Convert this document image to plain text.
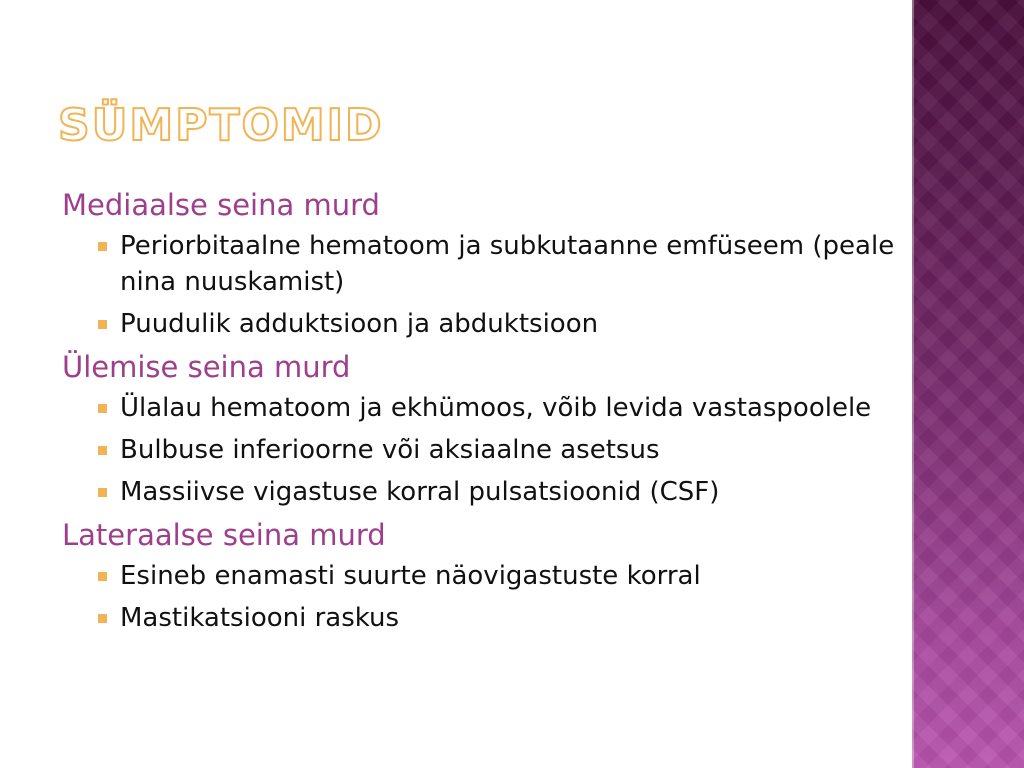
SÜMPTOMID
Mediaalse seina murd
Periorbitaalne hematoom ja subkutaanne emfüseem (peale nina nuuskamist)
Puudulik adduktsioon ja abduktsioon
Ülemise seina murd
Ülalau hematoom ja ekhümoos, võib levida vastaspoolele
Bulbuse inferioorne või aksiaalne asetsus
Massiivse vigastuse korral pulsatsioonid (CSF)
Lateraalse seina murd
Esineb enamasti suurte näovigastuste korral
Mastikatsiooni raskus
